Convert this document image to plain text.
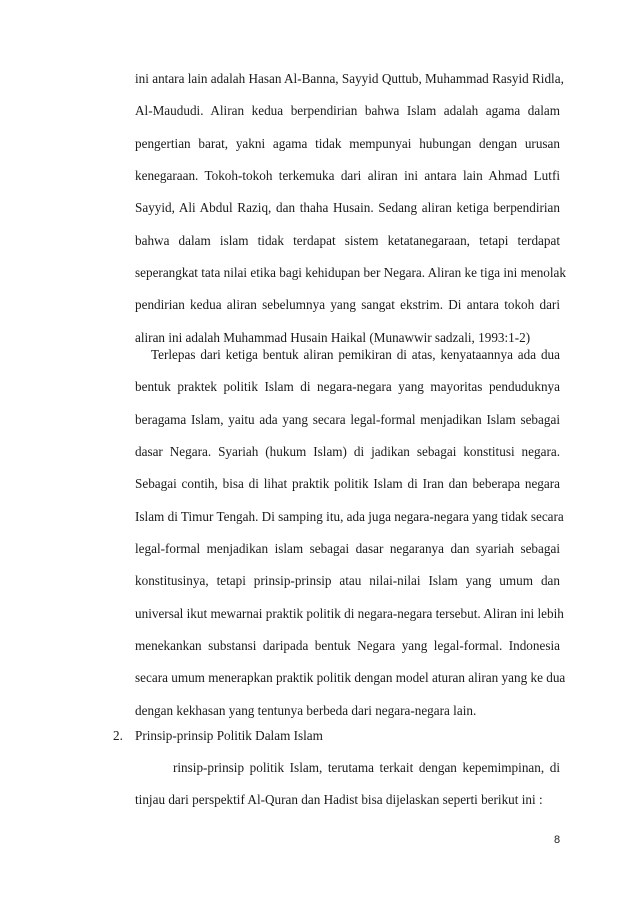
ini antara lain adalah Hasan Al-Banna, Sayyid Quttub, Muhammad Rasyid Ridla,
Al-Maududi. Aliran kedua berpendirian bahwa Islam adalah agama dalam
pengertian barat, yakni agama tidak mempunyai hubungan dengan urusan
kenegaraan. Tokoh-tokoh terkemuka dari aliran ini antara lain Ahmad Lutfi
Sayyid, Ali Abdul Raziq, dan thaha Husain. Sedang aliran ketiga berpendirian
bahwa dalam islam tidak terdapat sistem ketatanegaraan, tetapi terdapat
seperangkat tata nilai etika bagi kehidupan ber Negara. Aliran ke tiga ini menolak
pendirian kedua aliran sebelumnya yang sangat ekstrim. Di antara tokoh dari
aliran ini adalah Muhammad Husain Haikal (Munawwir sadzali, 1993:1-2)
Terlepas dari ketiga bentuk aliran pemikiran di atas, kenyataannya ada dua
bentuk praktek politik Islam di negara-negara yang mayoritas penduduknya
beragama Islam, yaitu ada yang secara legal-formal menjadikan Islam sebagai
dasar Negara. Syariah (hukum Islam) di jadikan sebagai konstitusi negara.
Sebagai contih, bisa di lihat praktik politik Islam di Iran dan beberapa negara
Islam di Timur Tengah. Di samping itu, ada juga negara-negara yang tidak secara
legal-formal menjadikan islam sebagai dasar negaranya dan syariah sebagai
konstitusinya, tetapi prinsip-prinsip atau nilai-nilai Islam yang umum dan
universal ikut mewarnai praktik politik di negara-negara tersebut. Aliran ini lebih
menekankan substansi daripada bentuk Negara yang legal-formal. Indonesia
secara umum menerapkan praktik politik dengan model aturan aliran yang ke dua
dengan kekhasan yang tentunya berbeda dari negara-negara lain.
2. Prinsip-prinsip Politik Dalam Islam
rinsip-prinsip politik Islam, terutama terkait dengan kepemimpinan, di
tinjau dari perspektif Al-Quran dan Hadist bisa dijelaskan seperti berikut ini :
8
